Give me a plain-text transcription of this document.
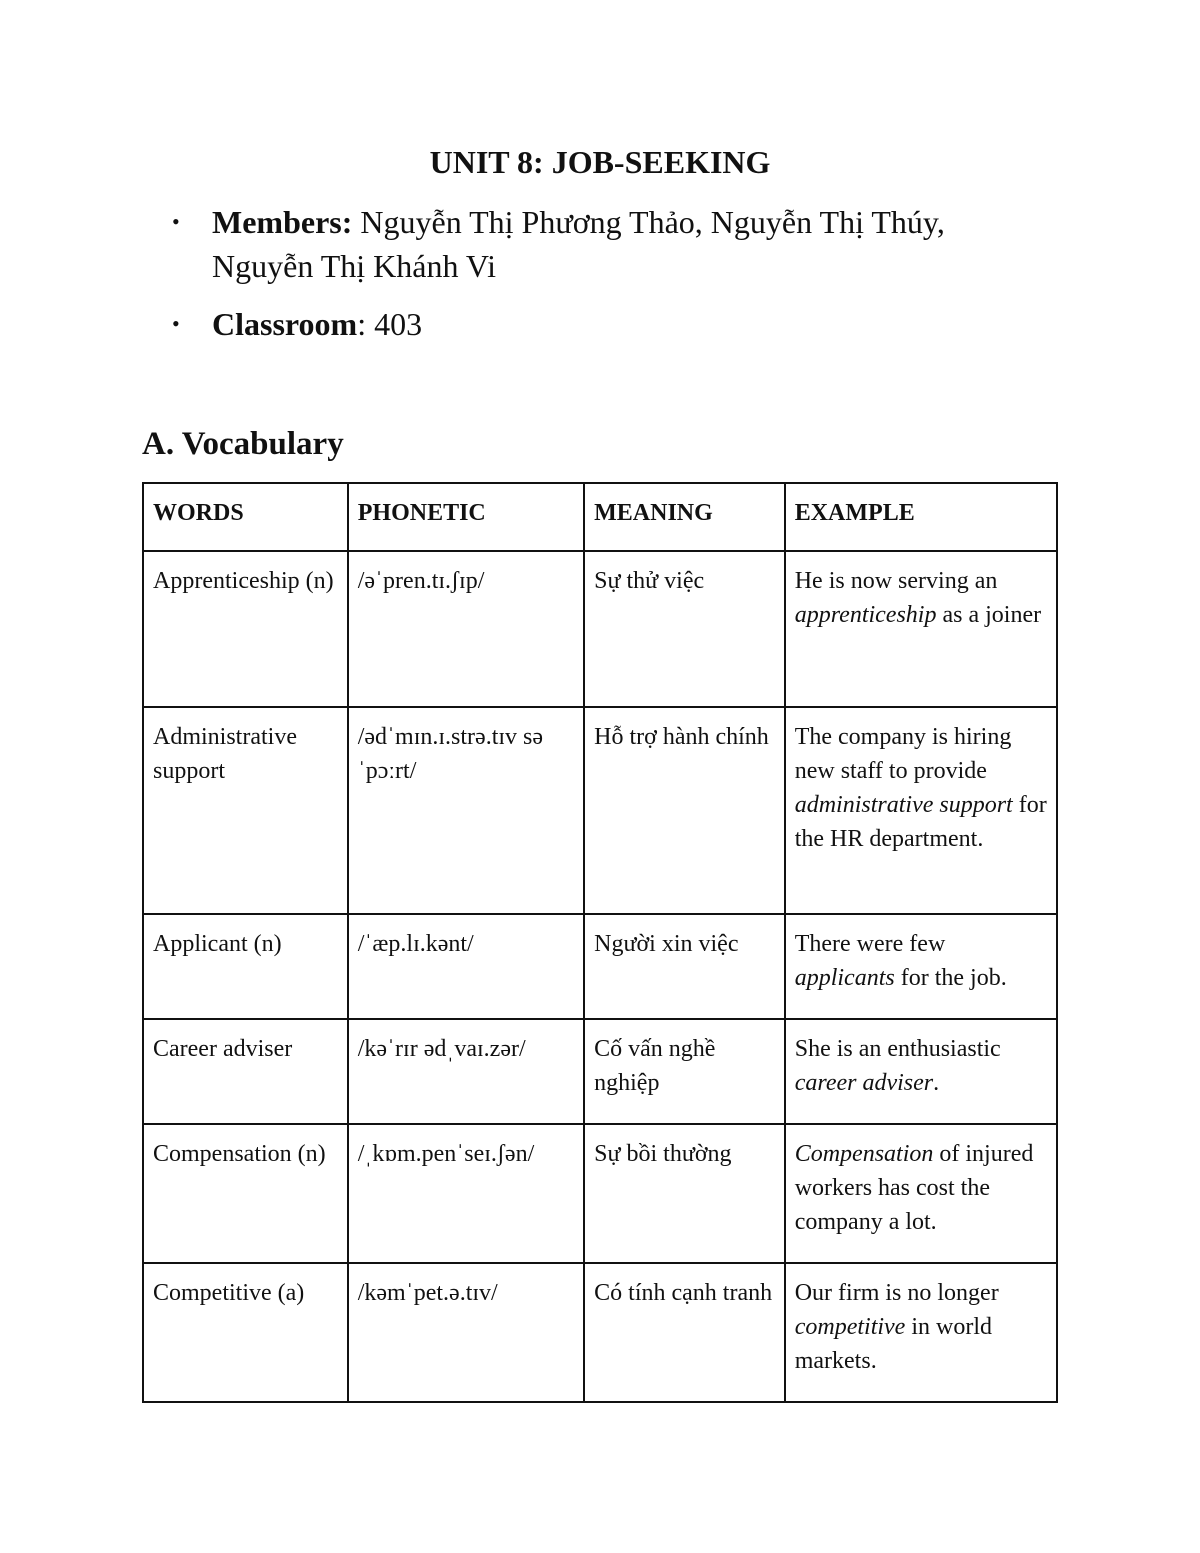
UNIT 8: JOB-SEEKING
• Members: Nguyễn Thị Phương Thảo, Nguyễn Thị Thúy, Nguyễn Thị Khánh Vi
• Classroom: 403
A. Vocabulary
WORDS	PHONETIC	MEANING	EXAMPLE
Apprenticeship (n)	/əˈpren.tɪ.ʃɪp/	Sự thử việc	He is now serving an apprenticeship as a joiner
Administrative support	/ədˈmɪn.ɪ.strə.tɪv səˈpɔːrt/	Hỗ trợ hành chính	The company is hiring new staff to provide administrative support for the HR department.
Applicant (n)	/ˈæp.lɪ.kənt/	Người xin việc	There were few applicants for the job.
Career adviser	/kəˈrɪr ədˌvaɪ.zər/	Cố vấn nghề nghiệp	She is an enthusiastic career adviser.
Compensation (n)	/ˌkɒm.penˈseɪ.ʃən/	Sự bồi thường	Compensation of injured workers has cost the company a lot.
Competitive (a)	/kəmˈpet.ə.tɪv/	Có tính cạnh tranh	Our firm is no longer competitive in world markets.
